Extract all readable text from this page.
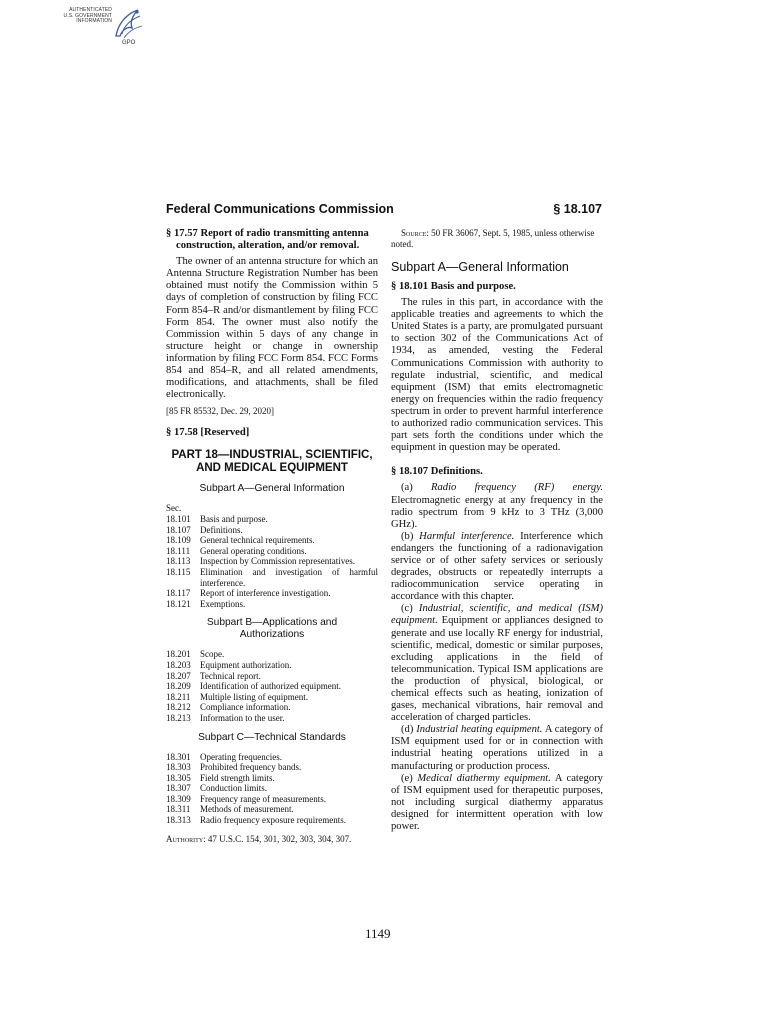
AUTHENTICATED
U.S. GOVERNMENT
INFORMATION
GPO
Federal Communications Commission	§ 18.107
§ 17.57 Report of radio transmitting antenna construction, alteration, and/or removal.

The owner of an antenna structure for which an Antenna Structure Registration Number has been obtained must notify the Commission within 5 days of completion of construction by filing FCC Form 854–R and/or dismantlement by filing FCC Form 854. The owner must also notify the Commission within 5 days of any change in structure height or change in ownership information by filing FCC Form 854. FCC Forms 854 and 854–R, and all related amendments, modifications, and attachments, shall be filed electronically.

[85 FR 85532, Dec. 29, 2020]
§ 17.58 [Reserved]
PART 18—INDUSTRIAL, SCIENTIFIC, AND MEDICAL EQUIPMENT
Subpart A—General Information
Sec.
18.101	Basis and purpose.
18.107	Definitions.
18.109	General technical requirements.
18.111	General operating conditions.
18.113	Inspection by Commission representatives.
18.115	Elimination and investigation of harmful interference.
18.117	Report of interference investigation.
18.121	Exemptions.
Subpart B—Applications and Authorizations
18.201	Scope.
18.203	Equipment authorization.
18.207	Technical report.
18.209	Identification of authorized equipment.
18.211	Multiple listing of equipment.
18.212	Compliance information.
18.213	Information to the user.
Subpart C—Technical Standards
18.301	Operating frequencies.
18.303	Prohibited frequency bands.
18.305	Field strength limits.
18.307	Conduction limits.
18.309	Frequency range of measurements.
18.311	Methods of measurement.
18.313	Radio frequency exposure requirements.
Authority: 47 U.S.C. 154, 301, 302, 303, 304, 307.
Source: 50 FR 36067, Sept. 5, 1985, unless otherwise noted.
Subpart A—General Information
§ 18.101 Basis and purpose.

The rules in this part, in accordance with the applicable treaties and agreements to which the United States is a party, are promulgated pursuant to section 302 of the Communications Act of 1934, as amended, vesting the Federal Communications Commission with authority to regulate industrial, scientific, and medical equipment (ISM) that emits electromagnetic energy on frequencies within the radio frequency spectrum in order to prevent harmful interference to authorized radio communication services. This part sets forth the conditions under which the equipment in question may be operated.

§ 18.107 Definitions.

(a) Radio frequency (RF) energy. Electromagnetic energy at any frequency in the radio spectrum from 9 kHz to 3 THz (3,000 GHz).

(b) Harmful interference. Interference which endangers the functioning of a radionavigation service or of other safety services or seriously degrades, obstructs or repeatedly interrupts a radiocommunication service operating in accordance with this chapter.

(c) Industrial, scientific, and medical (ISM) equipment. Equipment or appliances designed to generate and use locally RF energy for industrial, scientific, medical, domestic or similar purposes, excluding applications in the field of telecommunication. Typical ISM applications are the production of physical, biological, or chemical effects such as heating, ionization of gases, mechanical vibrations, hair removal and acceleration of charged particles.

(d) Industrial heating equipment. A category of ISM equipment used for or in connection with industrial heating operations utilized in a manufacturing or production process.

(e) Medical diathermy equipment. A category of ISM equipment used for therapeutic purposes, not including surgical diathermy apparatus designed for intermittent operation with low power.

1149
